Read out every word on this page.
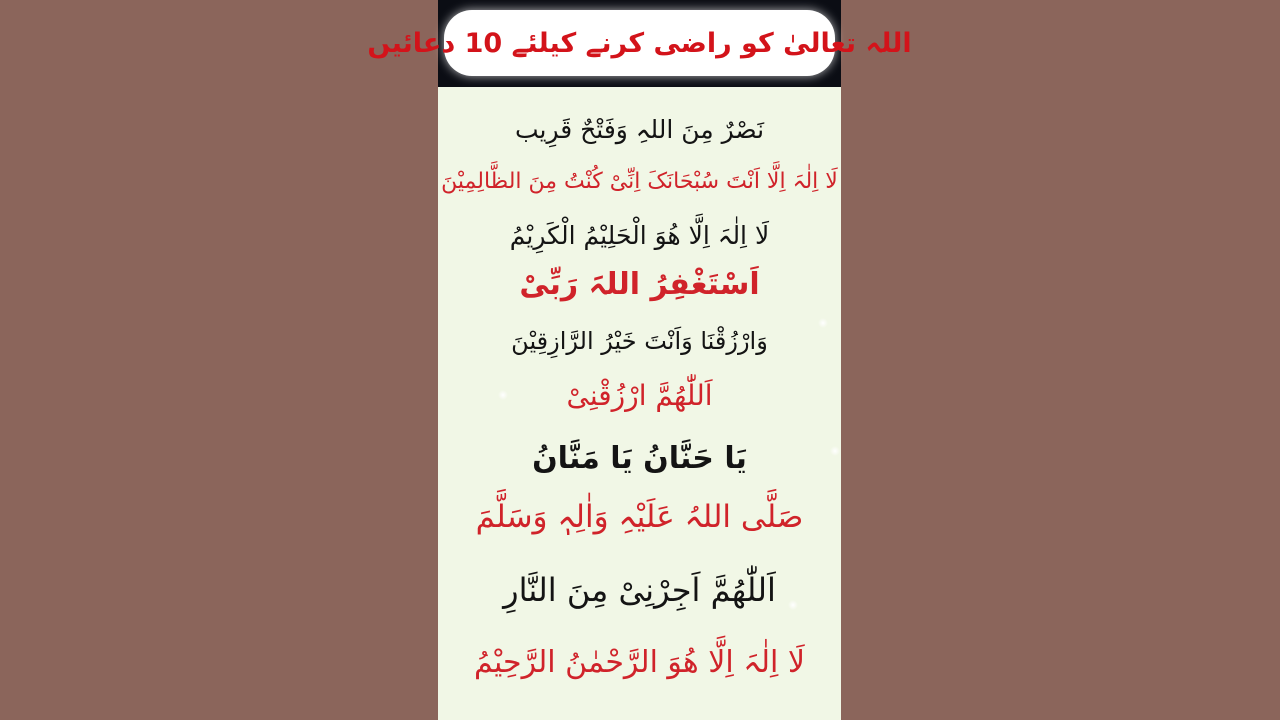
اللہ تعالیٰ کو راضی کرنے کیلئے 10 دعائیں
نَصْرٌ مِنَ اللہِ وَفَتْحٌ قَرِیب
لَا اِلٰہَ اِلَّا اَنْتَ سُبْحَانَکَ اِنِّیْ کُنْتُ مِنَ الظَّالِمِیْنَ
لَا اِلٰہَ اِلَّا ھُوَ الْحَلِیْمُ الْکَرِیْمُ
اَسْتَغْفِرُ اللہَ رَبِّیْ
وَارْزُقْنَا وَاَنْتَ خَیْرُ الرَّازِقِیْنَ
اَللّٰھُمَّ ارْزُقْنِیْ
یَا حَنَّانُ یَا مَنَّانُ
صَلَّی اللہُ عَلَیْہِ وَاٰلِہٖ وَسَلَّمَ
اَللّٰھُمَّ اَجِرْنِیْ مِنَ النَّارِ
لَا اِلٰہَ اِلَّا ھُوَ الرَّحْمٰنُ الرَّحِیْمُ
